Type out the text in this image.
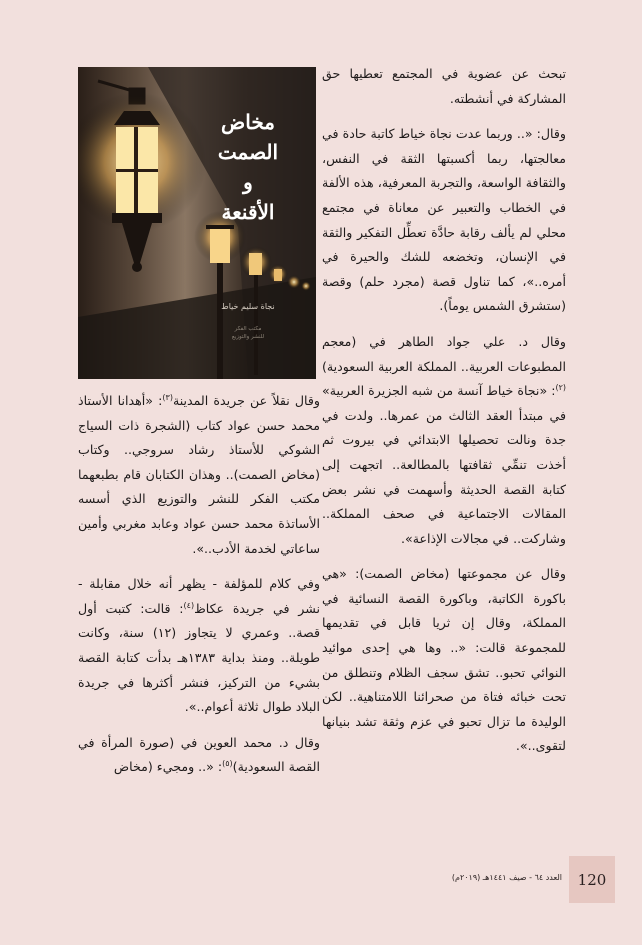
تبحث عن عضوية في المجتمع تعطيها حق المشاركة في أنشطته.

وقال: «.. وربما عدت نجاة خياط كاتبة حادة في معالجتها، ربما أكسبتها الثقة في النفس، والثقافة الواسعة، والتجربة المعرفية، هذه الألفة في الخطاب والتعبير عن معاناة في مجتمع محلي لم يألف رقابة حادَّة تعطِّل التفكير والثقة في الإنسان، وتخضعه للشك والحيرة في أمره..»، كما تناول قصة (مجرد حلم) وقصة (ستشرق الشمس يوماً).

وقال د. علي جواد الطاهر في (معجم المطبوعات العربية.. المملكة العربية السعودية)$^{(٢)}$: «نجاة خياط آنسة من شبه الجزيرة العربية» في مبتدأ العقد الثالث من عمرها.. ولدت في جدة ونالت تحصيلها الابتدائي في بيروت ثم أخذت تنمِّي ثقافتها بالمطالعة.. اتجهت إلى كتابة القصة الحديثة وأسهمت في نشر بعض المقالات الاجتماعية في صحف المملكة.. وشاركت.. في مجالات الإذاعة».

وقال عن مجموعتها (مخاض الصمت): «هي باكورة الكاتبة، وباكورة القصة النسائية في المملكة، وقال إن ثريا قابل في تقديمها للمجموعة قالت: «.. وها هي إحدى موائيد النوائي تحبو.. تشق سجف الظلام وتنطلق من تحت خبائه فتاة من صحرائنا اللامتناهية.. لكن الوليدة ما تزال تحبو في عزم وثقة تشد بنيانها لتقوى..».

مخاض الصمت
و
الأقنعة
نجاة سليم خياط
مكتب الفكر
للنشر والتوزيع

وقال نقلاً عن جريدة المدينة$^{(٣)}$: «أهدانا الأستاذ محمد حسن عواد كتاب (الشجرة ذات السياج الشوكي للأستاذ رشاد سروجي.. وكتاب (مخاض الصمت).. وهذان الكتابان قام بطبعهما مكتب الفكر للنشر والتوزيع الذي أسسه الأساتذة محمد حسن عواد وعابد مغربي وأمين ساعاتي لخدمة الأدب..».

وفي كلام للمؤلفة - يظهر أنه خلال مقابلة - نشر في جريدة عكاظ$^{(٤)}$: قالت: كتبت أول قصة.. وعمري لا يتجاوز (١٢) سنة، وكانت طويلة.. ومنذ بداية ١٣٨٣هـ بدأت كتابة القصة بشيء من التركيز، فنشر أكثرها في جريدة البلاد طوال ثلاثة أعوام..».

وقال د. محمد العوين في (صورة المرأة في القصة السعودية)$^{(٥)}$: «.. ومجيء (مخاض

العدد ٦٤ - صيف ١٤٤١هـ (٢٠١٩م)	120
